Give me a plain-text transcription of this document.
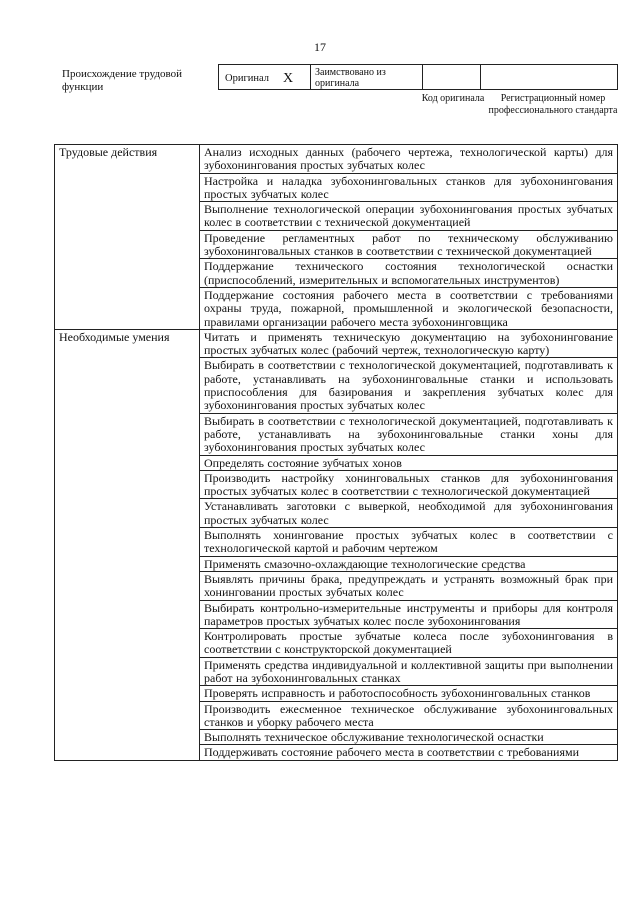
17
Происхождение трудовой функции
Оригинал X	Заимствовано из оригинала
Код оригинала	Регистрационный номер профессионального стандарта
Трудовые действия	Анализ исходных данных (рабочего чертежа, технологической карты) для зубохонингования простых зубчатых колес
	Настройка и наладка зубохонинговальных станков для зубохонингования простых зубчатых колес
	Выполнение технологической операции зубохонингования простых зубчатых колес в соответствии с технической документацией
	Проведение регламентных работ по техническому обслуживанию зубохонинговальных станков в соответствии с технической документацией
	Поддержание технического состояния технологической оснастки (приспособлений, измерительных и вспомогательных инструментов)
	Поддержание состояния рабочего места в соответствии с требованиями охраны труда, пожарной, промышленной и экологической безопасности, правилами организации рабочего места зубохонинговщика
Необходимые умения	Читать и применять техническую документацию на зубохонингование простых зубчатых колес (рабочий чертеж, технологическую карту)
	Выбирать в соответствии с технологической документацией, подготавливать к работе, устанавливать на зубохонинговальные станки и использовать приспособления для базирования и закрепления зубчатых колес для зубохонингования простых зубчатых колес
	Выбирать в соответствии с технологической документацией, подготавливать к работе, устанавливать на зубохонинговальные станки хоны для зубохонингования простых зубчатых колес
	Определять состояние зубчатых хонов
	Производить настройку хонинговальных станков для зубохонингования простых зубчатых колес в соответствии с технологической документацией
	Устанавливать заготовки с выверкой, необходимой для зубохонингования простых зубчатых колес
	Выполнять хонингование простых зубчатых колес в соответствии с технологической картой и рабочим чертежом
	Применять смазочно-охлаждающие технологические средства
	Выявлять причины брака, предупреждать и устранять возможный брак при хонинговании простых зубчатых колес
	Выбирать контрольно-измерительные инструменты и приборы для контроля параметров простых зубчатых колес после зубохонингования
	Контролировать простые зубчатые колеса после зубохонингования в соответствии с конструкторской документацией
	Применять средства индивидуальной и коллективной защиты при выполнении работ на зубохонинговальных станках
	Проверять исправность и работоспособность зубохонинговальных станков
	Производить ежесменное техническое обслуживание зубохонинговальных станков и уборку рабочего места
	Выполнять техническое обслуживание технологической оснастки
	Поддерживать состояние рабочего места в соответствии с требованиями
